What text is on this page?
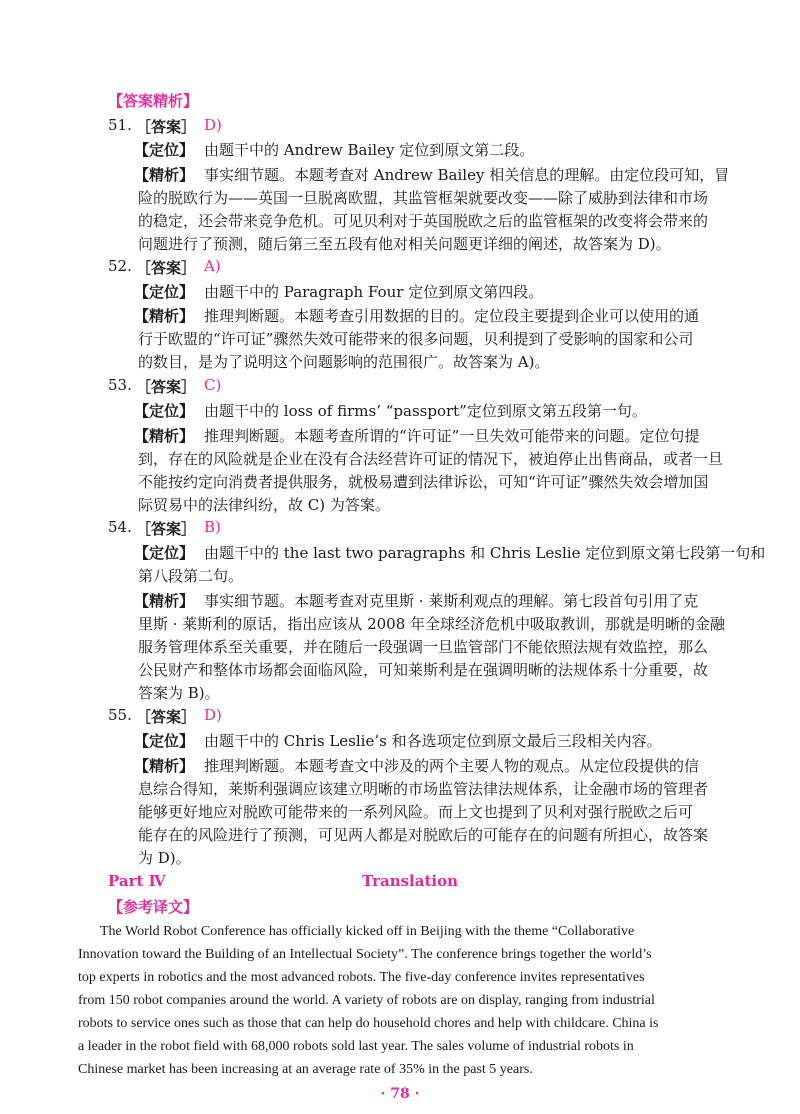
【答案精析】
51. ［答案］ D)
【定位】 由题干中的 Andrew Bailey 定位到原文第二段。
【精析】 事实细节题。本题考查对 Andrew Bailey 相关信息的理解。由定位段可知，冒
险的脱欧行为——英国一旦脱离欧盟，其监管框架就要改变——除了威胁到法律和市场
的稳定，还会带来竞争危机。可见贝利对于英国脱欧之后的监管框架的改变将会带来的
问题进行了预测，随后第三至五段有他对相关问题更详细的阐述，故答案为 D)。
52. ［答案］ A)
【定位】 由题干中的 Paragraph Four 定位到原文第四段。
【精析】 推理判断题。本题考查引用数据的目的。定位段主要提到企业可以使用的通
行于欧盟的“许可证”骤然失效可能带来的很多问题，贝利提到了受影响的国家和公司
的数目，是为了说明这个问题影响的范围很广。故答案为 A)。
53. ［答案］ C)
【定位】 由题干中的 loss of firms’ “passport”定位到原文第五段第一句。
【精析】 推理判断题。本题考查所谓的“许可证”一旦失效可能带来的问题。定位句提
到，存在的风险就是企业在没有合法经营许可证的情况下，被迫停止出售商品，或者一旦
不能按约定向消费者提供服务，就极易遭到法律诉讼，可知“许可证”骤然失效会增加国
际贸易中的法律纠纷，故 C) 为答案。
54. ［答案］ B)
【定位】 由题干中的 the last two paragraphs 和 Chris Leslie 定位到原文第七段第一句和
第八段第二句。
【精析】 事实细节题。本题考查对克里斯 · 莱斯利观点的理解。第七段首句引用了克
里斯 · 莱斯利的原话，指出应该从 2008 年全球经济危机中吸取教训，那就是明晰的金融
服务管理体系至关重要，并在随后一段强调一旦监管部门不能依照法规有效监控，那么
公民财产和整体市场都会面临风险，可知莱斯利是在强调明晰的法规体系十分重要，故
答案为 B)。
55. ［答案］ D)
【定位】 由题干中的 Chris Leslie’s 和各选项定位到原文最后三段相关内容。
【精析】 推理判断题。本题考查文中涉及的两个主要人物的观点。从定位段提供的信
息综合得知，莱斯利强调应该建立明晰的市场监管法律法规体系，让金融市场的管理者
能够更好地应对脱欧可能带来的一系列风险。而上文也提到了贝利对强行脱欧之后可
能存在的风险进行了预测，可见两人都是对脱欧后的可能存在的问题有所担心，故答案
为 D)。
Part Ⅳ	Translation
【参考译文】
The World Robot Conference has officially kicked off in Beijing with the theme “Collaborative
Innovation toward the Building of an Intellectual Society”. The conference brings together the world’s
top experts in robotics and the most advanced robots. The five-day conference invites representatives
from 150 robot companies around the world. A variety of robots are on display, ranging from industrial
robots to service ones such as those that can help do household chores and help with childcare. China is
a leader in the robot field with 68,000 robots sold last year. The sales volume of industrial robots in
Chinese market has been increasing at an average rate of 35% in the past 5 years.
· 78 ·
